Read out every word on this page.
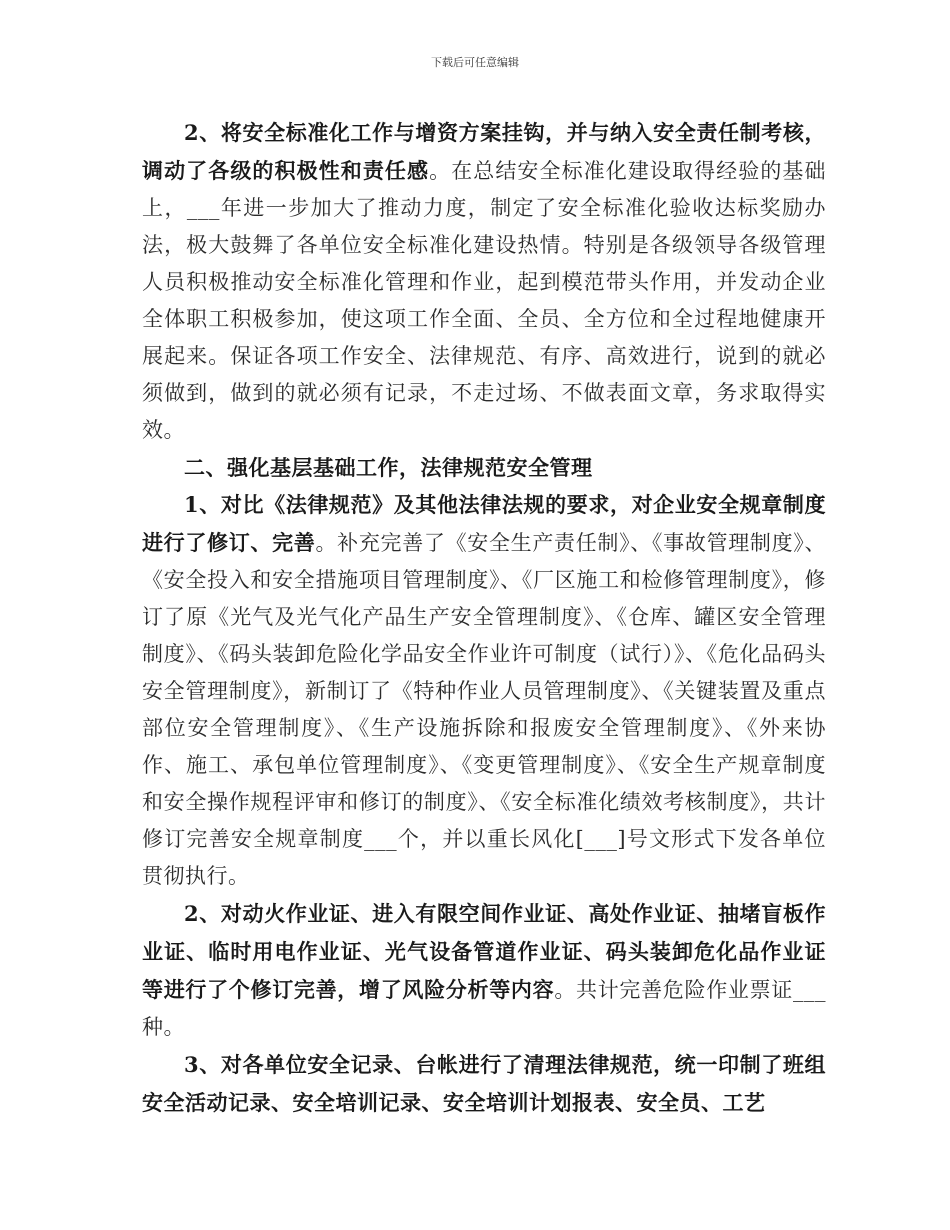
下载后可任意编辑

2、将安全标准化工作与增资方案挂钩，并与纳入安全责任制考核，调动了各级的积极性和责任感。在总结安全标准化建设取得经验的基础上，___年进一步加大了推动力度，制定了安全标准化验收达标奖励办法，极大鼓舞了各单位安全标准化建设热情。特别是各级领导各级管理人员积极推动安全标准化管理和作业，起到模范带头作用，并发动企业全体职工积极参加，使这项工作全面、全员、全方位和全过程地健康开展起来。保证各项工作安全、法律规范、有序、高效进行，说到的就必须做到，做到的就必须有记录，不走过场、不做表面文章，务求取得实效。

二、强化基层基础工作，法律规范安全管理

1、对比《法律规范》及其他法律法规的要求，对企业安全规章制度进行了修订、完善。补充完善了《安全生产责任制》、《事故管理制度》、《安全投入和安全措施项目管理制度》、《厂区施工和检修管理制度》，修订了原《光气及光气化产品生产安全管理制度》、《仓库、罐区安全管理制度》、《码头装卸危险化学品安全作业许可制度（试行）》、《危化品码头安全管理制度》，新制订了《特种作业人员管理制度》、《关键装置及重点部位安全管理制度》、《生产设施拆除和报废安全管理制度》、《外来协作、施工、承包单位管理制度》、《变更管理制度》、《安全生产规章制度和安全操作规程评审和修订的制度》、《安全标准化绩效考核制度》，共计修订完善安全规章制度___个，并以重长风化[___]号文形式下发各单位贯彻执行。

2、对动火作业证、进入有限空间作业证、高处作业证、抽堵盲板作业证、临时用电作业证、光气设备管道作业证、码头装卸危化品作业证等进行了个修订完善，增了风险分析等内容。共计完善危险作业票证___种。

3、对各单位安全记录、台帐进行了清理法律规范，统一印制了班组安全活动记录、安全培训记录、安全培训计划报表、安全员、工艺
